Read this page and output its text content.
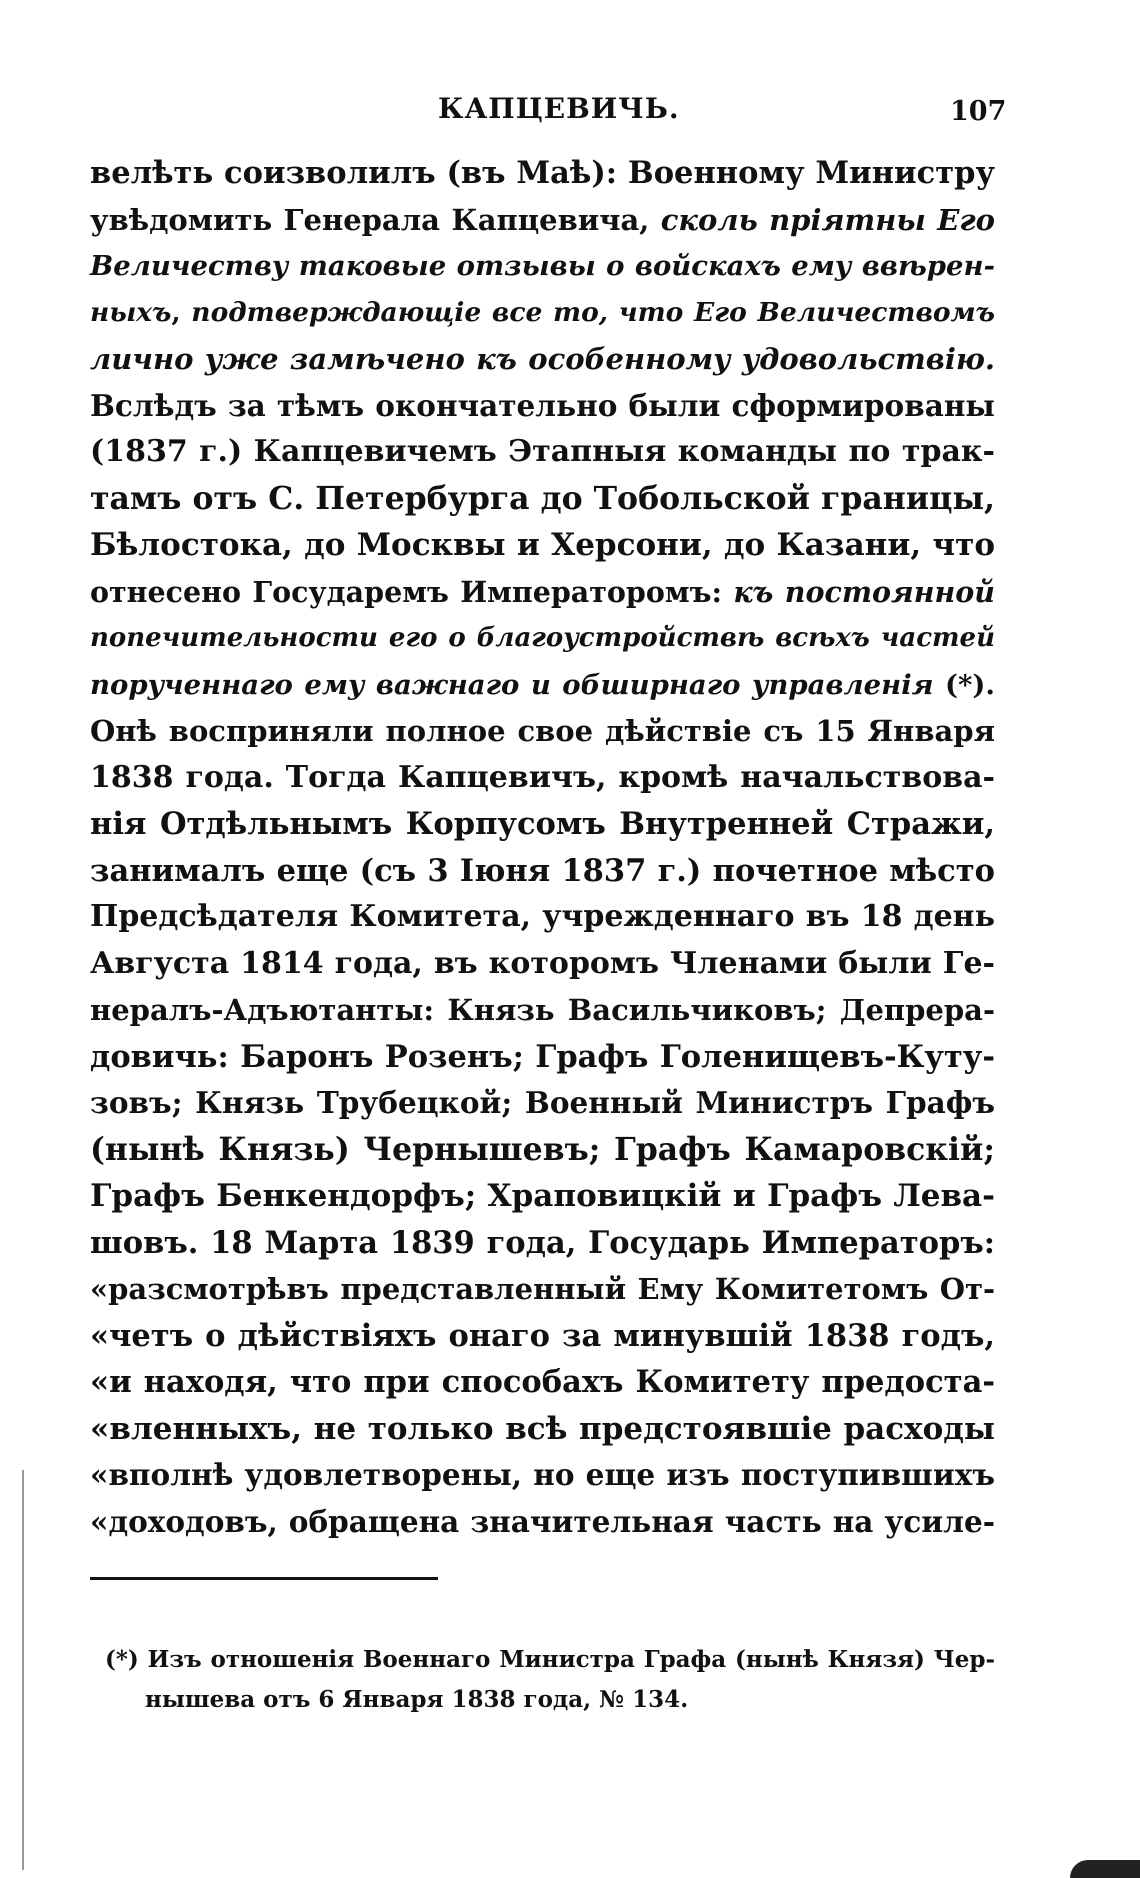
КАПЦЕВИЧЬ.	107
велѣть соизволилъ (въ Маѣ): Военному Министру
увѣдомить Генерала Капцевича, сколь пріятны Его
Величеству таковые отзывы о войскахъ ему ввѣрен-
ныхъ, подтверждающіе все то, что Его Величествомъ
лично уже замѣчено къ особенному удовольствію.
Вслѣдъ за тѣмъ окончательно были сформированы
(1837 г.) Капцевичемъ Этапныя команды по трак-
тамъ отъ С. Петербурга до Тобольской границы,
Бѣлостока, до Москвы и Херсони, до Казани, что
отнесено Государемъ Императоромъ: къ постоянной
попечительности его о благоустройствѣ всѣхъ частей
порученнаго ему важнаго и обширнаго управленія (*).
Онѣ восприняли полное свое дѣйствіе съ 15 Января
1838 года. Тогда Капцевичъ, кромѣ начальствова-
нія Отдѣльнымъ Корпусомъ Внутренней Стражи,
занималъ еще (съ 3 Іюня 1837 г.) почетное мѣсто
Предсѣдателя Комитета, учрежденнаго въ 18 день
Августа 1814 года, въ которомъ Членами были Ге-
нералъ-Адъютанты: Князь Васильчиковъ; Депрера-
довичь: Баронъ Розенъ; Графъ Голенищевъ-Куту-
зовъ; Князь Трубецкой; Военный Министръ Графъ
(нынѣ Князь) Чернышевъ; Графъ Камаровскій;
Графъ Бенкендорфъ; Храповицкій и Графъ Лева-
шовъ. 18 Марта 1839 года, Государь Императоръ:
«разсмотрѣвъ представленный Ему Комитетомъ От-
«четъ о дѣйствіяхъ онаго за минувшій 1838 годъ,
«и находя, что при способахъ Комитету предоста-
«вленныхъ, не только всѣ предстоявшіе расходы
«вполнѣ удовлетворены, но еще изъ поступившихъ
«доходовъ, обращена значительная часть на усиле-
(*) Изъ отношенія Военнаго Министра Графа (нынѣ Князя) Чер-
нышева отъ 6 Января 1838 года, № 134.
